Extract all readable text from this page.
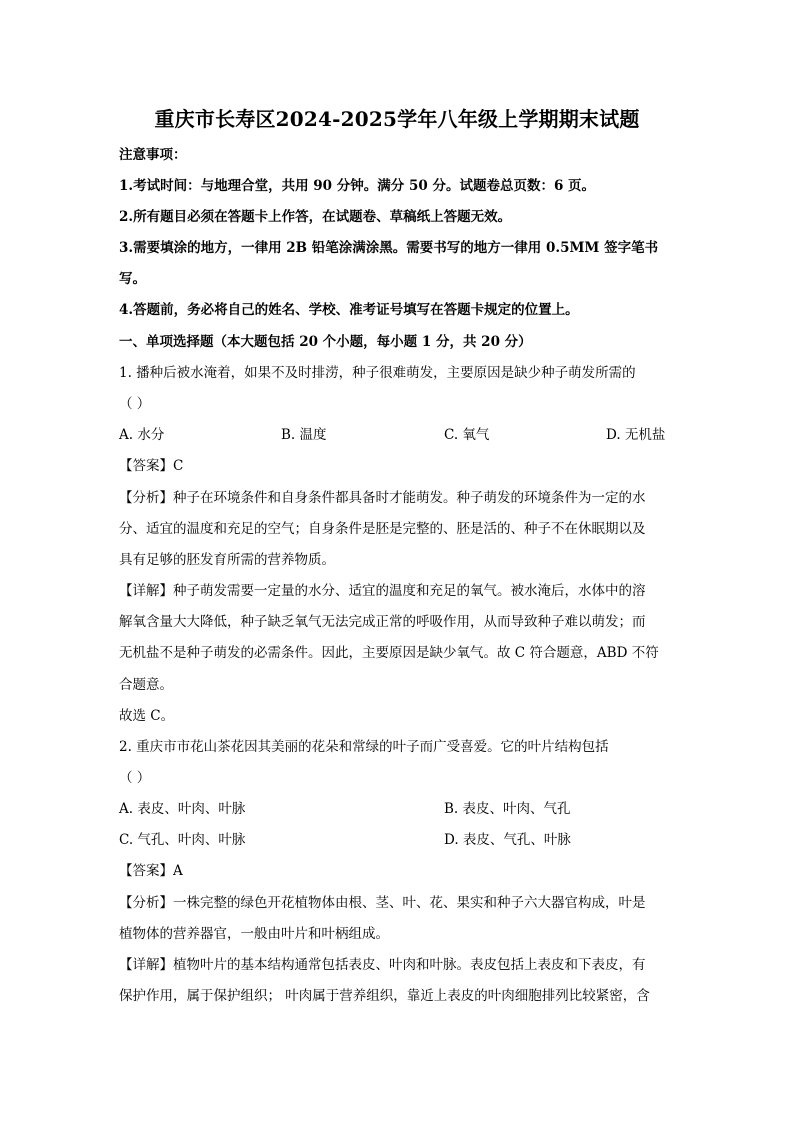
重庆市长寿区2024-2025学年八年级上学期期末试题
注意事项：
1.考试时间：与地理合堂，共用 90 分钟。满分 50 分。试题卷总页数：6 页。
2.所有题目必须在答题卡上作答，在试题卷、草稿纸上答题无效。
3.需要填涂的地方，一律用 2B 铅笔涂满涂黑。需要书写的地方一律用 0.5MM 签字笔书
写。
4.答题前，务必将自己的姓名、学校、准考证号填写在答题卡规定的位置上。
一、单项选择题（本大题包括 20 个小题，每小题 1 分，共 20 分）
1. 播种后被水淹着，如果不及时排涝，种子很难萌发，主要原因是缺少种子萌发所需的
（ ）
A. 水分	B. 温度	C. 氧气	D. 无机盐
【答案】C
【分析】种子在环境条件和自身条件都具备时才能萌发。种子萌发的环境条件为一定的水
分、适宜的温度和充足的空气；自身条件是胚是完整的、胚是活的、种子不在休眠期以及
具有足够的胚发育所需的营养物质。
【详解】种子萌发需要一定量的水分、适宜的温度和充足的氧气。被水淹后，水体中的溶
解氧含量大大降低，种子缺乏氧气无法完成正常的呼吸作用，从而导致种子难以萌发；而
无机盐不是种子萌发的必需条件。因此，主要原因是缺少氧气。故 C 符合题意，ABD 不符
合题意。
故选 C。
2. 重庆市市花山茶花因其美丽的花朵和常绿的叶子而广受喜爱。它的叶片结构包括
（ ）
A. 表皮、叶肉、叶脉	B. 表皮、叶肉、气孔
C. 气孔、叶肉、叶脉	D. 表皮、气孔、叶脉
【答案】A
【分析】一株完整的绿色开花植物体由根、茎、叶、花、果实和种子六大器官构成，叶是
植物体的营养器官，一般由叶片和叶柄组成。
【详解】植物叶片的基本结构通常包括表皮、叶肉和叶脉。表皮包括上表皮和下表皮，有
保护作用，属于保护组织； 叶肉属于营养组织，靠近上表皮的叶肉细胞排列比较紧密，含
